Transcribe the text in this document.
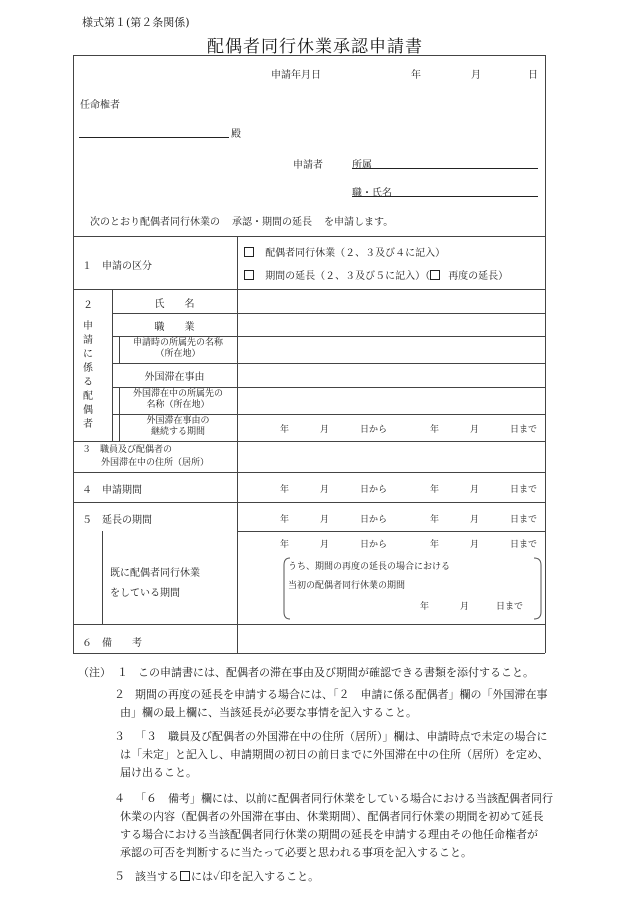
様式第１(第２条関係)
配偶者同行休業承認申請書
申請年月日	年	月	日
任命権者
殿
申請者	所属
職・氏名
次のとおり配偶者同行休業の 承認・期間の延長 を申請します。
１　申請の区分
配偶者同行休業（２、３及び４に記入）
期間の延長（２、３及び５に記入）（ 再度の延長）
２
申請に係る配偶者
氏　　名
職　　業
申請時の所属先の名称
（所在地）
外国滞在事由
外国滞在中の所属先の
名称（所在地）
外国滞在事由の
継続する期間	年	月	日から	年	月	日まで
３　職員及び配偶者の
外国滞在中の住所（居所）
４　申請期間	年	月	日から	年	月	日まで
５　延長の期間	年	月	日から	年	月	日まで
既に配偶者同行休業
をしている期間
年	月	日から	年	月	日まで
うち、期間の再度の延長の場合における
当初の配偶者同行休業の期間
年	月	日まで
６　備　　考
（注） １ この申請書には、配偶者の滞在事由及び期間が確認できる書類を添付すること。
２ 期間の再度の延長を申請する場合には、「２　申請に係る配偶者」欄の「外国滞在事
由」欄の最上欄に、当該延長が必要な事情を記入すること。
３ 「３　職員及び配偶者の外国滞在中の住所（居所）」欄は、申請時点で未定の場合に
は「未定」と記入し、申請期間の初日の前日までに外国滞在中の住所（居所）を定め、
届け出ること。
４ 「６　備考」欄には、以前に配偶者同行休業をしている場合における当該配偶者同行
休業の内容（配偶者の外国滞在事由、休業期間）、配偶者同行休業の期間を初めて延長
する場合における当該配偶者同行休業の期間の延長を申請する理由その他任命権者が
承認の可否を判断するに当たって必要と思われる事項を記入すること。
５ 該当する には✓印を記入すること。
